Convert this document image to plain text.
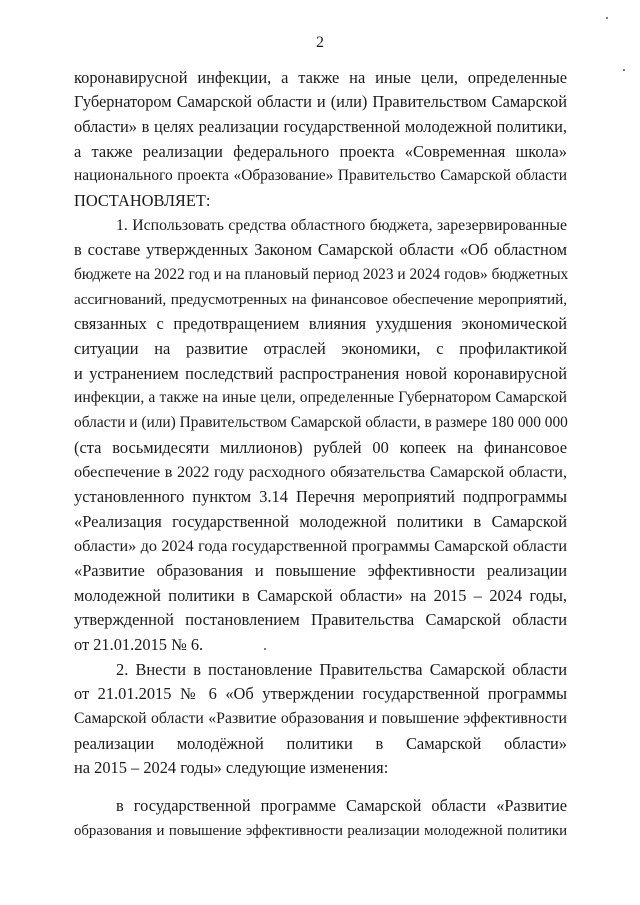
2
коронавирусной инфекции, а также на иные цели, определенные
Губернатором Самарской области и (или) Правительством Самарской
области» в целях реализации государственной молодежной политики,
а также реализации федерального проекта «Современная школа»
национального проекта «Образование» Правительство Самарской области
ПОСТАНОВЛЯЕТ:
1. Использовать средства областного бюджета, зарезервированные
в составе утвержденных Законом Самарской области «Об областном
бюджете на 2022 год и на плановый период 2023 и 2024 годов» бюджетных
ассигнований, предусмотренных на финансовое обеспечение мероприятий,
связанных с предотвращением влияния ухудшения экономической
ситуации на развитие отраслей экономики, с профилактикой
и устранением последствий распространения новой коронавирусной
инфекции, а также на иные цели, определенные Губернатором Самарской
области и (или) Правительством Самарской области, в размере 180 000 000
(ста восьмидесяти миллионов) рублей 00 копеек на финансовое
обеспечение в 2022 году расходного обязательства Самарской области,
установленного пунктом 3.14 Перечня мероприятий подпрограммы
«Реализация государственной молодежной политики в Самарской
области» до 2024 года государственной программы Самарской области
«Развитие образования и повышение эффективности реализации
молодежной политики в Самарской области» на 2015 – 2024 годы,
утвержденной постановлением Правительства Самарской области
от 21.01.2015 № 6.
2. Внести в постановление Правительства Самарской области
от 21.01.2015 № 6 «Об утверждении государственной программы
Самарской области «Развитие образования и повышение эффективности
реализации молодёжной политики в Самарской области»
на 2015 – 2024 годы» следующие изменения:
в государственной программе Самарской области «Развитие
образования и повышение эффективности реализации молодежной политики
